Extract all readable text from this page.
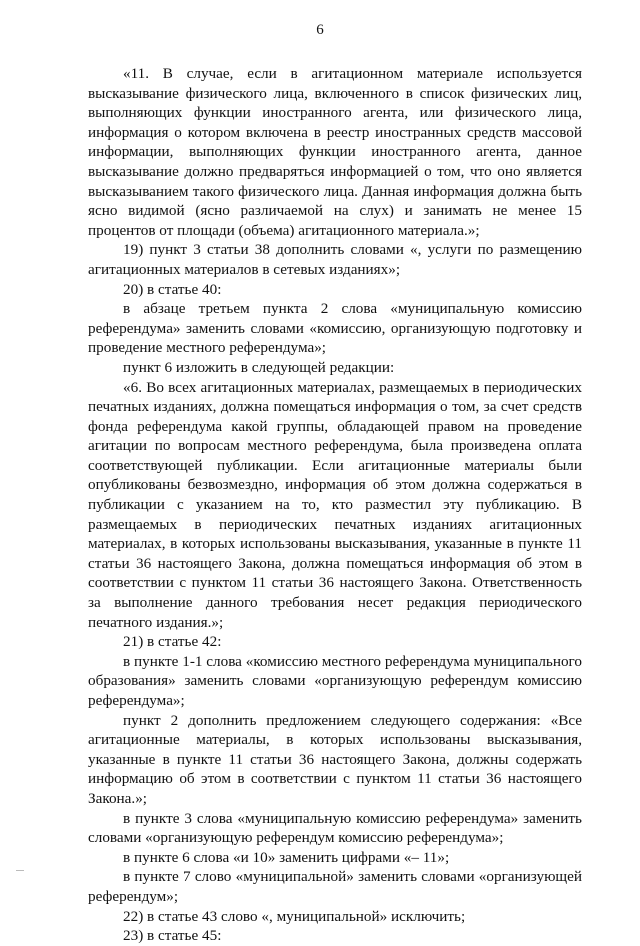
6

«11. В случае, если в агитационном материале используется высказывание физического лица, включенного в список физических лиц, выполняющих функции иностранного агента, или физического лица, информация о котором включена в реестр иностранных средств массовой информации, выполняющих функции иностранного агента, данное высказывание должно предваряться информацией о том, что оно является высказыванием такого физического лица. Данная информация должна быть ясно видимой (ясно различаемой на слух) и занимать не менее 15 процентов от площади (объема) агитационного материала.»;

19) пункт 3 статьи 38 дополнить словами «, услуги по размещению агитационных материалов в сетевых изданиях»;

20) в статье 40:

в абзаце третьем пункта 2 слова «муниципальную комиссию референдума» заменить словами «комиссию, организующую подготовку и проведение местного референдума»;

пункт 6 изложить в следующей редакции:

«6. Во всех агитационных материалах, размещаемых в периодических печатных изданиях, должна помещаться информация о том, за счет средств фонда референдума какой группы, обладающей правом на проведение агитации по вопросам местного референдума, была произведена оплата соответствующей публикации. Если агитационные материалы были опубликованы безвозмездно, информация об этом должна содержаться в публикации с указанием на то, кто разместил эту публикацию. В размещаемых в периодических печатных изданиях агитационных материалах, в которых использованы высказывания, указанные в пункте 11 статьи 36 настоящего Закона, должна помещаться информация об этом в соответствии с пунктом 11 статьи 36 настоящего Закона. Ответственность за выполнение данного требования несет редакция периодического печатного издания.»;

21) в статье 42:

в пункте 1-1 слова «комиссию местного референдума муниципального образования» заменить словами «организующую референдум комиссию референдума»;

пункт 2 дополнить предложением следующего содержания: «Все агитационные материалы, в которых использованы высказывания, указанные в пункте 11 статьи 36 настоящего Закона, должны содержать информацию об этом в соответствии с пунктом 11 статьи 36 настоящего Закона.»;

в пункте 3 слова «муниципальную комиссию референдума» заменить словами «организующую референдум комиссию референдума»;

в пункте 6 слова «и 10» заменить цифрами «– 11»;

в пункте 7 слово «муниципальной» заменить словами «организующей референдум»;

22) в статье 43 слово «, муниципальной» исключить;

23) в статье 45:
